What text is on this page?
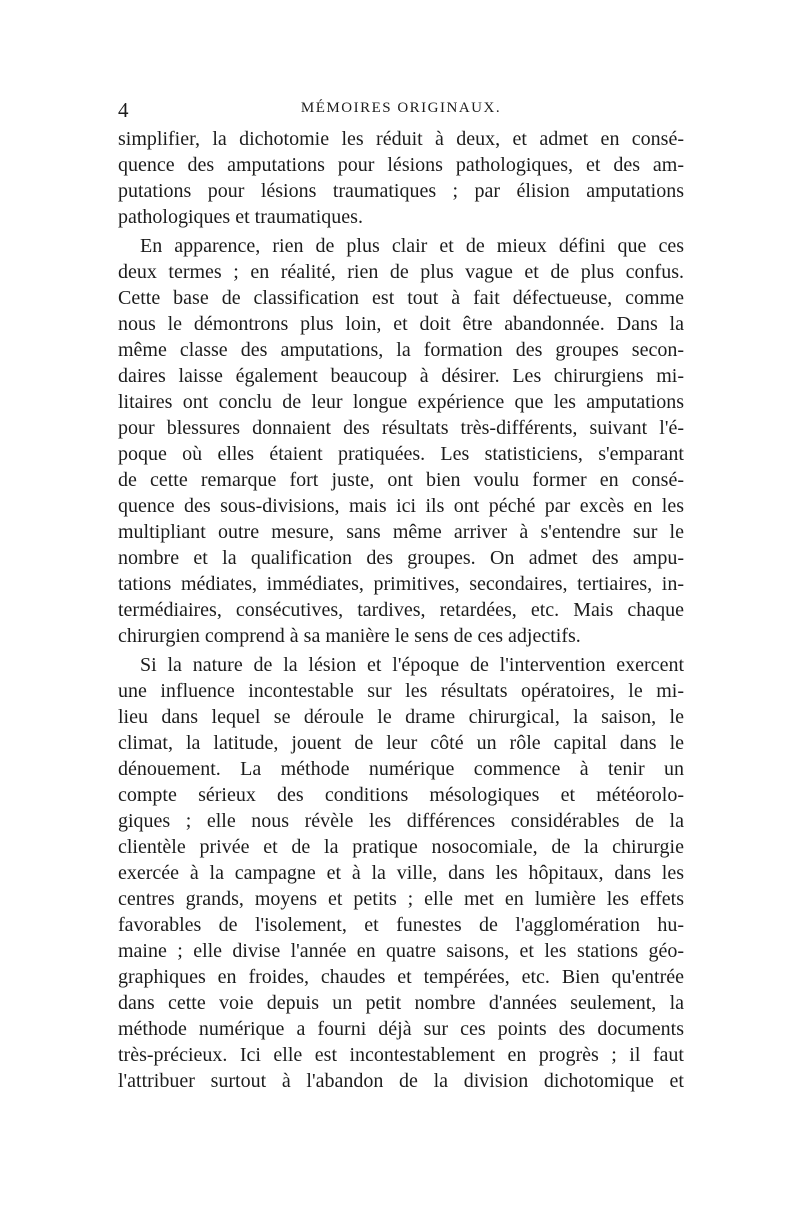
4	MÉMOIRES ORIGINAUX.
simplifier, la dichotomie les réduit à deux, et admet en consé-
quence des amputations pour lésions pathologiques, et des am-
putations pour lésions traumatiques ; par élision amputations
pathologiques et traumatiques.
En apparence, rien de plus clair et de mieux défini que ces
deux termes ; en réalité, rien de plus vague et de plus confus.
Cette base de classification est tout à fait défectueuse, comme
nous le démontrons plus loin, et doit être abandonnée. Dans la
même classe des amputations, la formation des groupes secon-
daires laisse également beaucoup à désirer. Les chirurgiens mi-
litaires ont conclu de leur longue expérience que les amputations
pour blessures donnaient des résultats très-différents, suivant l'é-
poque où elles étaient pratiquées. Les statisticiens, s'emparant
de cette remarque fort juste, ont bien voulu former en consé-
quence des sous-divisions, mais ici ils ont péché par excès en les
multipliant outre mesure, sans même arriver à s'entendre sur le
nombre et la qualification des groupes. On admet des ampu-
tations médiates, immédiates, primitives, secondaires, tertiaires, in-
termédiaires, consécutives, tardives, retardées, etc. Mais chaque
chirurgien comprend à sa manière le sens de ces adjectifs.
Si la nature de la lésion et l'époque de l'intervention exercent
une influence incontestable sur les résultats opératoires, le mi-
lieu dans lequel se déroule le drame chirurgical, la saison, le
climat, la latitude, jouent de leur côté un rôle capital dans le
dénouement. La méthode numérique commence à tenir un
compte sérieux des conditions mésologiques et météorolo-
giques ; elle nous révèle les différences considérables de la
clientèle privée et de la pratique nosocomiale, de la chirurgie
exercée à la campagne et à la ville, dans les hôpitaux, dans les
centres grands, moyens et petits ; elle met en lumière les effets
favorables de l'isolement, et funestes de l'agglomération hu-
maine ; elle divise l'année en quatre saisons, et les stations géo-
graphiques en froides, chaudes et tempérées, etc. Bien qu'entrée
dans cette voie depuis un petit nombre d'années seulement, la
méthode numérique a fourni déjà sur ces points des documents
très-précieux. Ici elle est incontestablement en progrès ; il faut
l'attribuer surtout à l'abandon de la division dichotomique et
